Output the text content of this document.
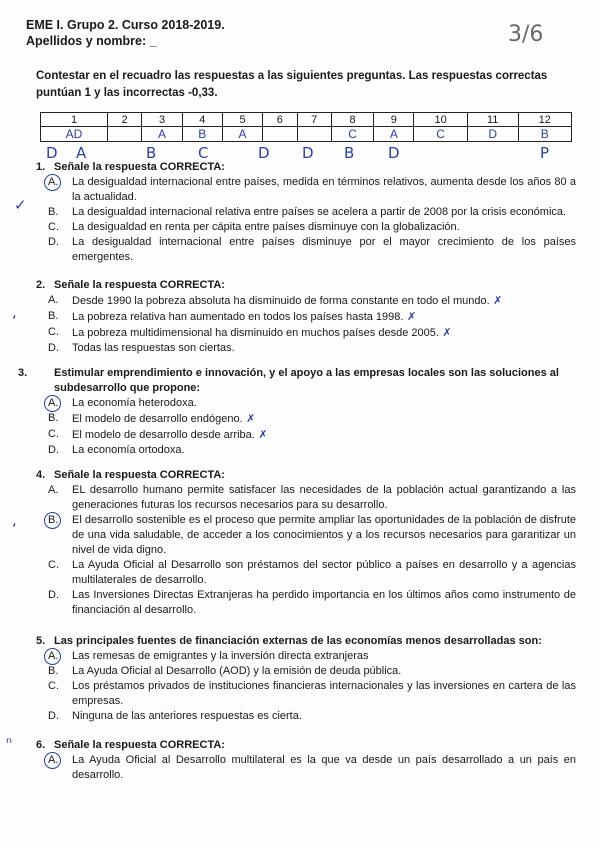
EME I. Grupo 2. Curso 2018-2019.
Apellidos y nombre: _	3/6
Contestar en el recuadro las respuestas a las siguientes preguntas. Las respuestas correctas puntúan 1 y las incorrectas -0,33.
1	2	3	4	5	6	7	8	9	10	11	12
AD		A	B	A			C	A	C	D	B
D A	B	C	D D B D	P
1. Señale la respuesta CORRECTA:
A. La desigualdad internacional entre países, medida en términos relativos, aumenta desde los años 80 a la actualidad.
B. La desigualdad internacional relativa entre países se acelera a partir de 2008 por la crisis económica.
C. La desigualdad en renta per cápita entre países disminuye con la globalización.
D. La desigualdad internacional entre países disminuye por el mayor crecimiento de los países emergentes.
2. Señale la respuesta CORRECTA:
A. Desde 1990 la pobreza absoluta ha disminuido de forma constante en todo el mundo. ✗
B. La pobreza relativa han aumentado en todos los países hasta 1998. ✗
C. La pobreza multidimensional ha disminuido en muchos países desde 2005. ✗
D. Todas las respuestas son ciertas.
3. Estimular emprendimiento e innovación, y el apoyo a las empresas locales son las soluciones al subdesarrollo que propone:
A. La economía heterodoxa.
B. El modelo de desarrollo endógeno. ✗
C. El modelo de desarrollo desde arriba. ✗
D. La economía ortodoxa.
4. Señale la respuesta CORRECTA:
A. EL desarrollo humano permite satisfacer las necesidades de la población actual garantizando a las generaciones futuras los recursos necesarios para su desarrollo.
B. El desarrollo sostenible es el proceso que permite ampliar las oportunidades de la población de disfrute de una vida saludable, de acceder a los conocimientos y a los recursos necesarios para garantizar un nivel de vida digno.
C. La Ayuda Oficial al Desarrollo son préstamos del sector público a países en desarrollo y a agencias multilaterales de desarrollo.
D. Las Inversiones Directas Extranjeras ha perdido importancia en los últimos años como instrumento de financiación al desarrollo.
5. Las principales fuentes de financiación externas de las economías menos desarrolladas son:
A. Las remesas de emigrantes y la inversión directa extranjeras
B. La Ayuda Oficial al Desarrollo (AOD) y la emisión de deuda pública.
C. Los préstamos privados de instituciones financieras internacionales y las inversiones en cartera de las empresas.
D. Ninguna de las anteriores respuestas es cierta.
6. Señale la respuesta CORRECTA:
A. La Ayuda Oficial al Desarrollo multilateral es la que va desde un país desarrollado a un país en desarrollo.
✓
‘
‘
ⁿ
